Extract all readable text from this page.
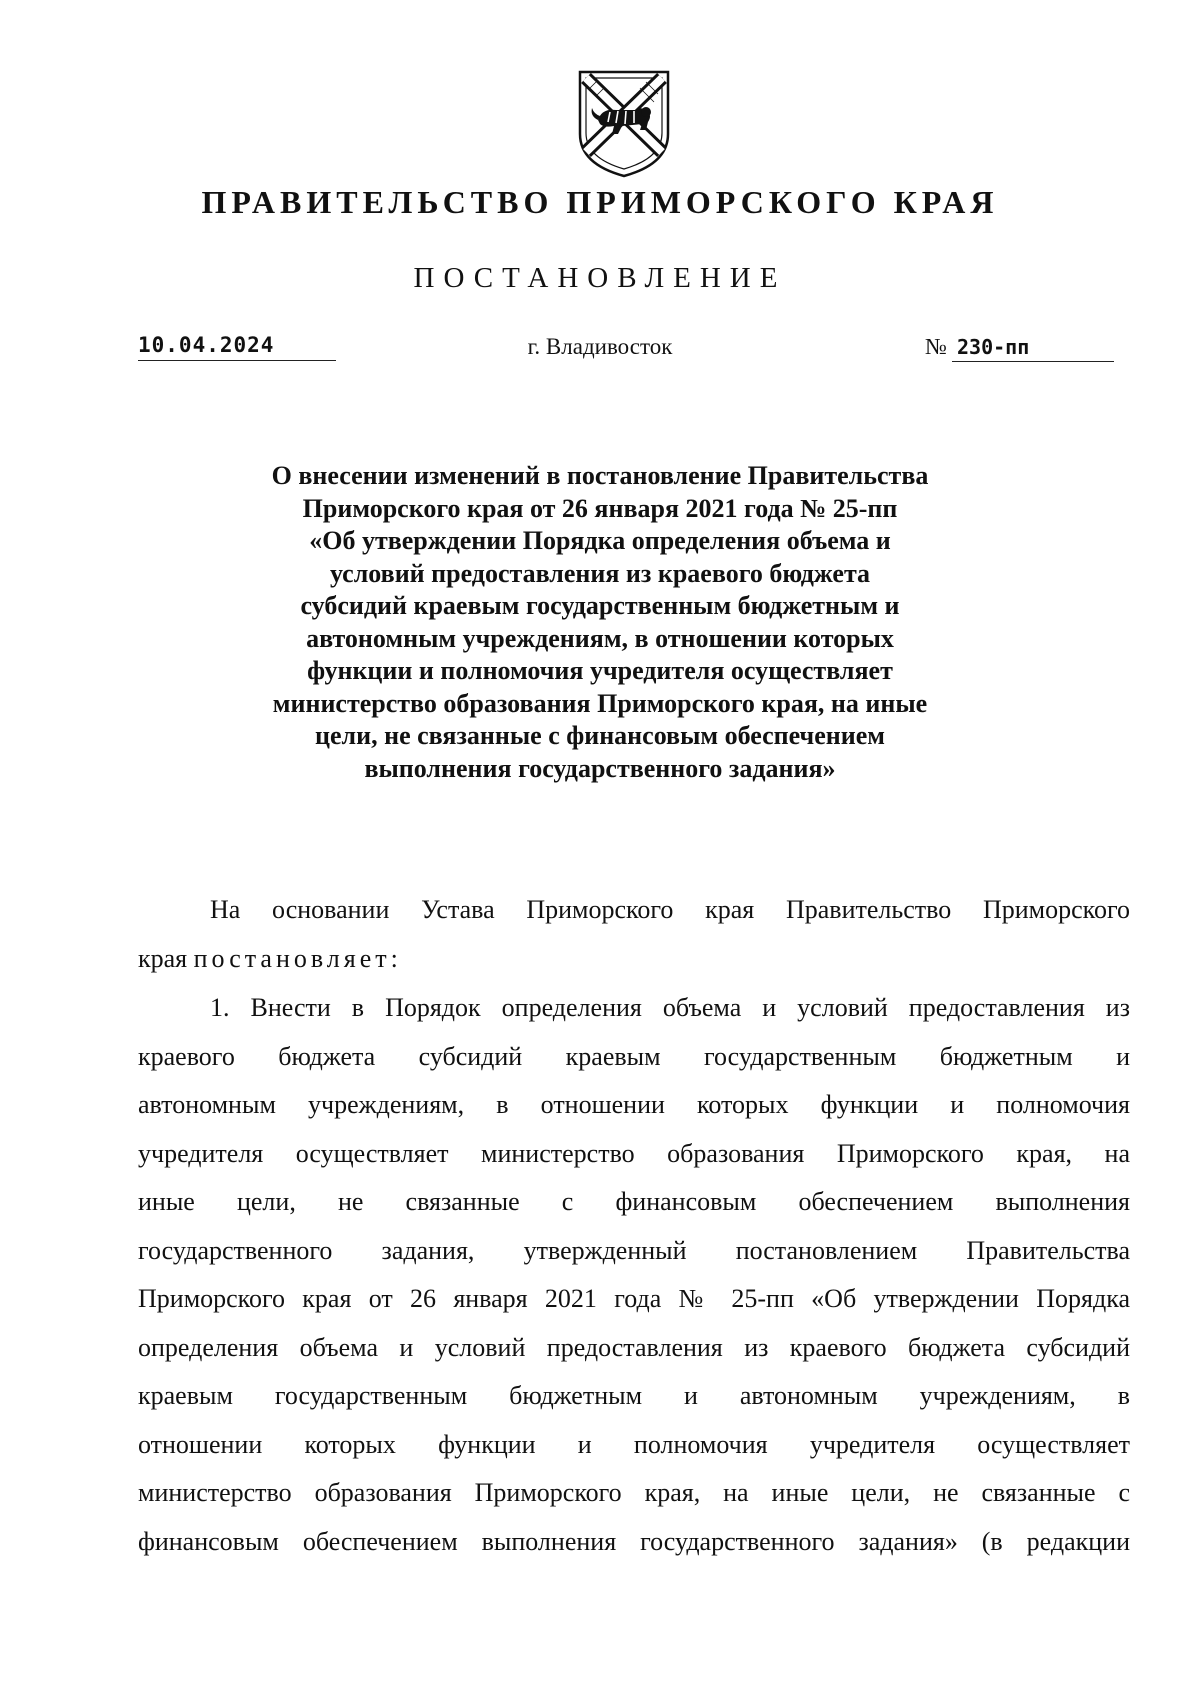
ПРАВИТЕЛЬСТВО ПРИМОРСКОГО КРАЯ
ПОСТАНОВЛЕНИЕ
10.04.2024	г. Владивосток	№ 230-пп
О внесении изменений в постановление Правительства
Приморского края от 26 января 2021 года № 25-пп
«Об утверждении Порядка определения объема и
условий предоставления из краевого бюджета
субсидий краевым государственным бюджетным и
автономным учреждениям, в отношении которых
функции и полномочия учредителя осуществляет
министерство образования Приморского края, на иные
цели, не связанные с финансовым обеспечением
выполнения государственного задания»
На основании Устава Приморского края Правительство Приморского
края постановляет:
1. Внести в Порядок определения объема и условий предоставления из
краевого бюджета субсидий краевым государственным бюджетным и
автономным учреждениям, в отношении которых функции и полномочия
учредителя осуществляет министерство образования Приморского края, на
иные цели, не связанные с финансовым обеспечением выполнения
государственного задания, утвержденный постановлением Правительства
Приморского края от 26 января 2021 года № 25-пп «Об утверждении Порядка
определения объема и условий предоставления из краевого бюджета субсидий
краевым государственным бюджетным и автономным учреждениям, в
отношении которых функции и полномочия учредителя осуществляет
министерство образования Приморского края, на иные цели, не связанные с
финансовым обеспечением выполнения государственного задания» (в редакции
